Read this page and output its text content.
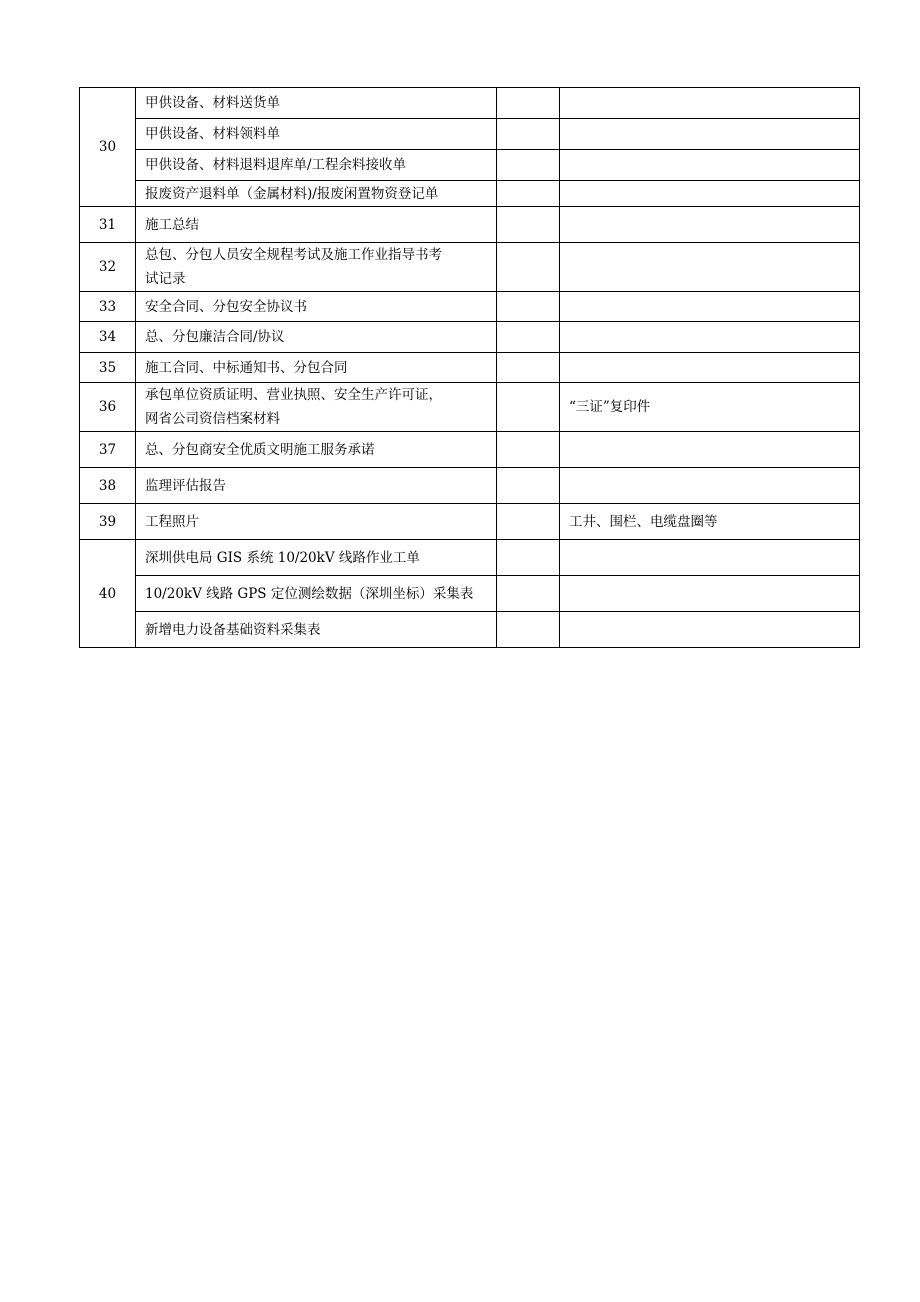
30	甲供设备、材料送货单		
	甲供设备、材料领料单		
	甲供设备、材料退料退库单/工程余料接收单		
	报废资产退料单（金属材料)/报废闲置物资登记单		
31	施工总结		
32	总包、分包人员安全规程考试及施工作业指导书考
试记录		

33	安全合同、分包安全协议书		
34	总、分包廉洁合同/协议		
35	施工合同、中标通知书、分包合同		
36	承包单位资质证明、营业执照、安全生产许可证，
网省公司资信档案材料		“三证”复印件
37	总、分包商安全优质文明施工服务承诺		
38	监理评估报告		
39	工程照片		工井、围栏、电缆盘圈等
40	深圳供电局 GIS 系统 10/20kV 线路作业工单		
	10/20kV 线路 GPS 定位测绘数据（深圳坐标）采集表		
	新增电力设备基础资料采集表		
